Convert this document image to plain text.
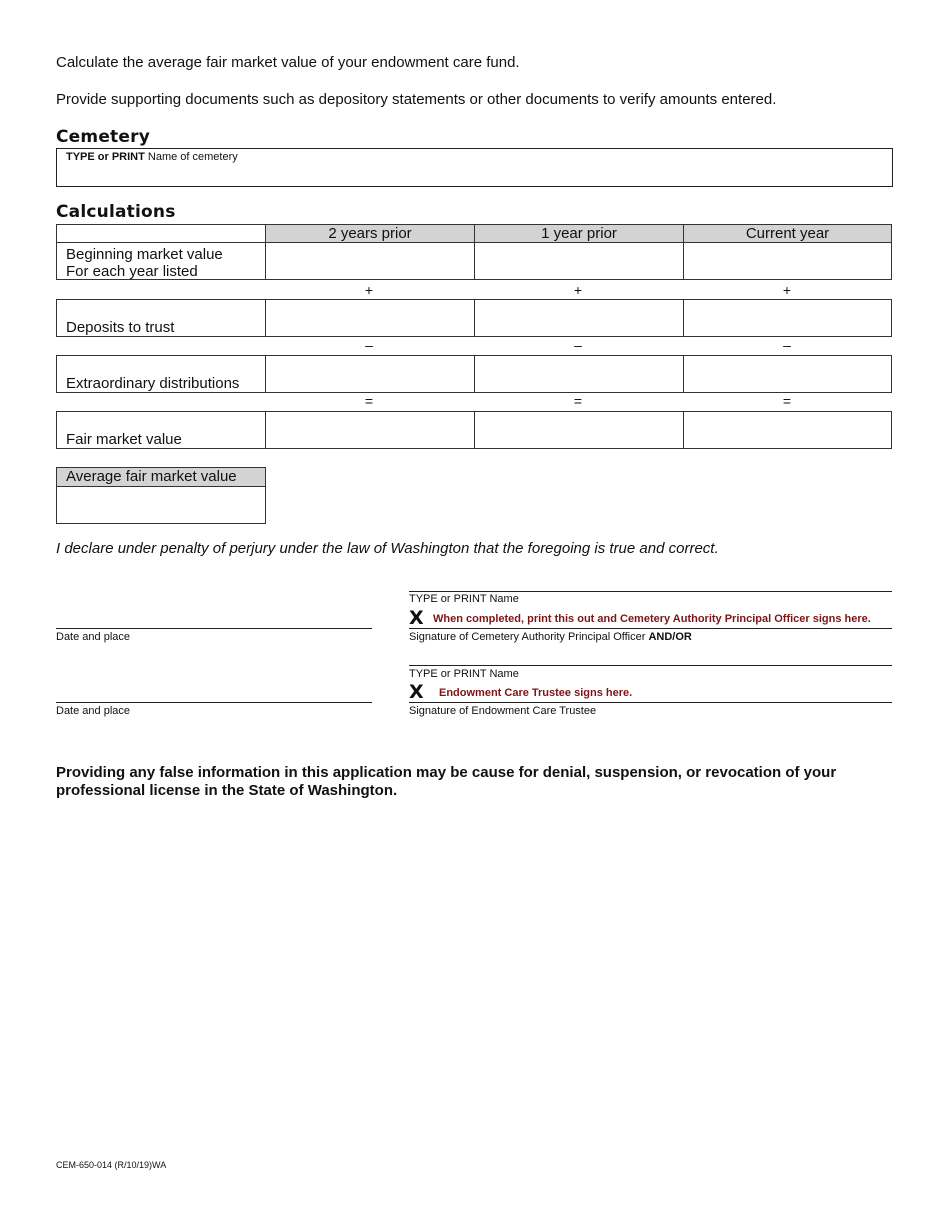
Calculate the average fair market value of your endowment care fund.
Provide supporting documents such as depository statements or other documents to verify amounts entered.
Cemetery
TYPE or PRINT Name of cemetery
Calculations
2 years prior	1 year prior	Current year
Beginning market value
For each year listed
+	+	+
Deposits to trust
–	–	–
Extraordinary distributions
=	=	=
Fair market value
Average fair market value
I declare under penalty of perjury under the law of Washington that the foregoing is true and correct.
TYPE or PRINT Name
X When completed, print this out and Cemetery Authority Principal Officer signs here.
Date and place	Signature of Cemetery Authority Principal Officer AND/OR
TYPE or PRINT Name
X Endowment Care Trustee signs here.
Date and place	Signature of Endowment Care Trustee
Providing any false information in this application may be cause for denial, suspension, or revocation of your professional license in the State of Washington.
CEM-650-014 (R/10/19)WA
